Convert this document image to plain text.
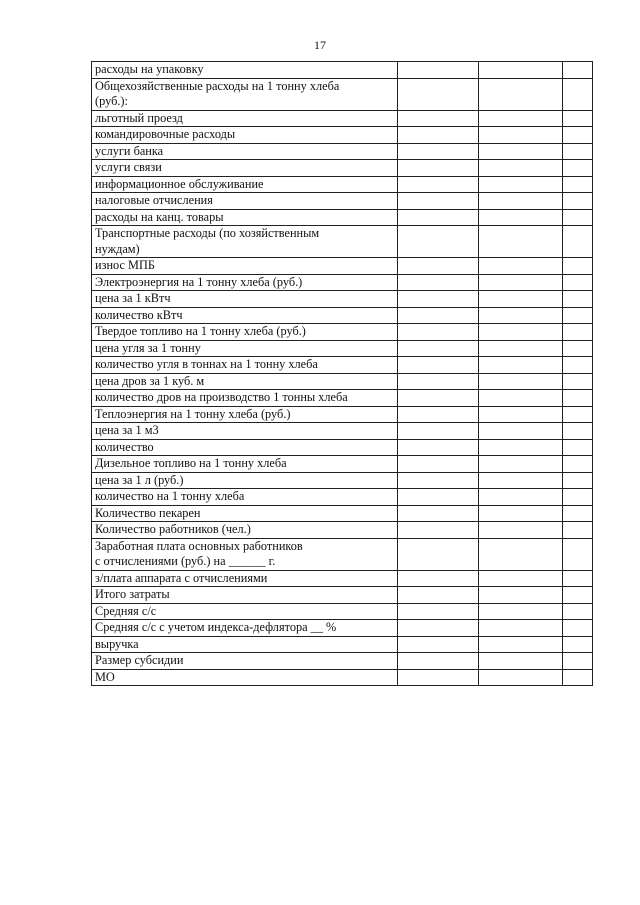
17
расходы на упаковку			
Общехозяйственные расходы на 1 тонну хлеба
(руб.):			
льготный проезд			
командировочные расходы			
услуги банка			
услуги связи			
информационное обслуживание			
налоговые отчисления			
расходы на канц. товары			
Транспортные расходы (по хозяйственным
нуждам)			
износ МПБ			
Электроэнергия на 1 тонну хлеба (руб.)			
цена за 1 кВтч			
количество кВтч			
Твердое топливо на 1 тонну хлеба (руб.)			
цена угля за 1 тонну			
количество угля в тоннах на 1 тонну хлеба			
цена дров за 1 куб. м			
количество дров на производство 1 тонны хлеба			
Теплоэнергия на 1 тонну хлеба (руб.)			
цена за 1 м3			
количество			
Дизельное топливо на 1 тонну хлеба			
цена за 1 л (руб.)			
количество на 1 тонну хлеба			
Количество пекарен			
Количество работников (чел.)			
Заработная плата основных работников
с отчислениями (руб.) на ______ г.			
з/плата аппарата с отчислениями			
Итого затраты			
Средняя с/с			
Средняя с/с с учетом индекса-дефлятора __ %			
выручка			
Размер субсидии			
МО			
